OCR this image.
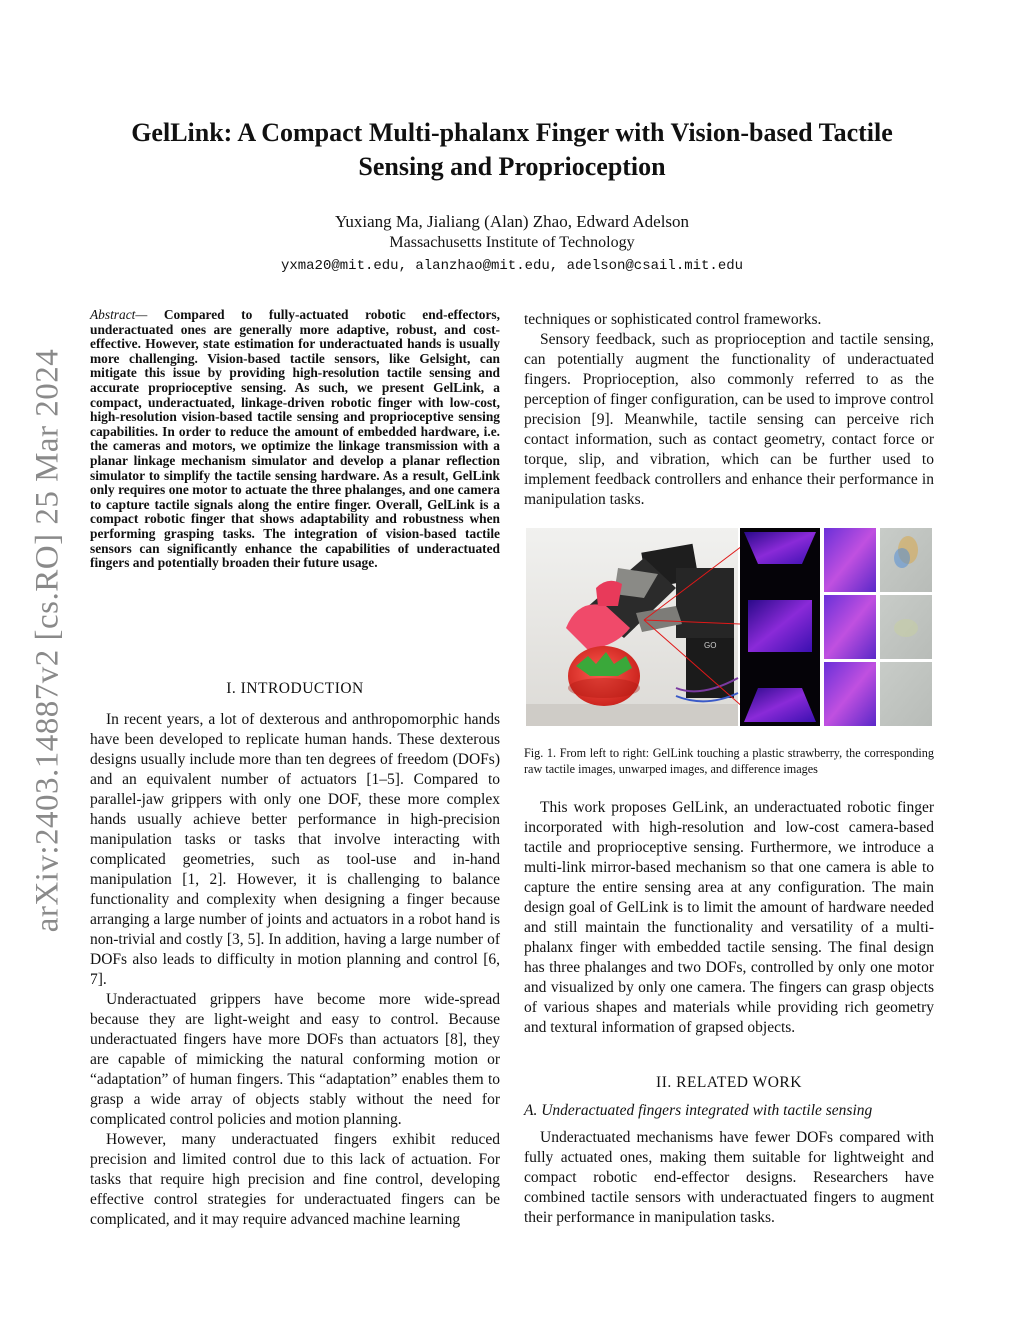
arXiv:2403.14887v2 [cs.RO] 25 Mar 2024
GelLink: A Compact Multi-phalanx Finger with Vision-based Tactile Sensing and Proprioception
Yuxiang Ma, Jialiang (Alan) Zhao, Edward Adelson
Massachusetts Institute of Technology
yxma20@mit.edu, alanzhao@mit.edu, adelson@csail.mit.edu

Abstract— Compared to fully-actuated robotic end-effectors, underactuated ones are generally more adaptive, robust, and cost-effective. However, state estimation for underactuated hands is usually more challenging. Vision-based tactile sensors, like Gelsight, can mitigate this issue by providing high-resolution tactile sensing and accurate proprioceptive sensing. As such, we present GelLink, a compact, underactuated, linkage-driven robotic finger with low-cost, high-resolution vision-based tactile sensing and proprioceptive sensing capabilities. In order to reduce the amount of embedded hardware, i.e. the cameras and motors, we optimize the linkage transmission with a planar linkage mechanism simulator and develop a planar reflection simulator to simplify the tactile sensing hardware. As a result, GelLink only requires one motor to actuate the three phalanges, and one camera to capture tactile signals along the entire finger. Overall, GelLink is a compact robotic finger that shows adaptability and robustness when performing grasping tasks. The integration of vision-based tactile sensors can significantly enhance the capabilities of underactuated fingers and potentially broaden their future usage.

I. INTRODUCTION

In recent years, a lot of dexterous and anthropomorphic hands have been developed to replicate human hands. These dexterous designs usually include more than ten degrees of freedom (DOFs) and an equivalent number of actuators [1–5]. Compared to parallel-jaw grippers with only one DOF, these more complex hands usually achieve better performance in high-precision manipulation tasks or tasks that involve interacting with complicated geometries, such as tool-use and in-hand manipulation [1, 2]. However, it is challenging to balance functionality and complexity when designing a finger because arranging a large number of joints and actuators in a robot hand is non-trivial and costly [3, 5]. In addition, having a large number of DOFs also leads to difficulty in motion planning and control [6, 7].

Underactuated grippers have become more wide-spread because they are light-weight and easy to control. Because underactuated fingers have more DOFs than actuators [8], they are capable of mimicking the natural conforming motion or “adaptation” of human fingers. This “adaptation” enables them to grasp a wide array of objects stably without the need for complicated control policies and motion planning.

However, many underactuated fingers exhibit reduced precision and limited control due to this lack of actuation. For tasks that require high precision and fine control, developing effective control strategies for underactuated fingers can be complicated, and it may require advanced machine learning

techniques or sophisticated control frameworks.

Sensory feedback, such as proprioception and tactile sensing, can potentially augment the functionality of underactuated fingers. Proprioception, also commonly referred to as the perception of finger configuration, can be used to improve control precision [9]. Meanwhile, tactile sensing can perceive rich contact information, such as contact geometry, contact force or torque, slip, and vibration, which can be further used to implement feedback controllers and enhance their performance in manipulation tasks.

GO
Fig. 1. From left to right: GelLink touching a plastic strawberry, the corresponding raw tactile images, unwarped images, and difference images

This work proposes GelLink, an underactuated robotic finger incorporated with high-resolution and low-cost camera-based tactile and proprioceptive sensing. Furthermore, we introduce a multi-link mirror-based mechanism so that one camera is able to capture the entire sensing area at any configuration. The main design goal of GelLink is to limit the amount of hardware needed and still maintain the functionality and versatility of a multi-phalanx finger with embedded tactile sensing. The final design has three phalanges and two DOFs, controlled by only one motor and visualized by only one camera. The fingers can grasp objects of various shapes and materials while providing rich geometry and textural information of grapsed objects.

II. RELATED WORK
A. Underactuated fingers integrated with tactile sensing

Underactuated mechanisms have fewer DOFs compared with fully actuated ones, making them suitable for lightweight and compact robotic end-effector designs. Researchers have combined tactile sensors with underactuated fingers to augment their performance in manipulation tasks.
